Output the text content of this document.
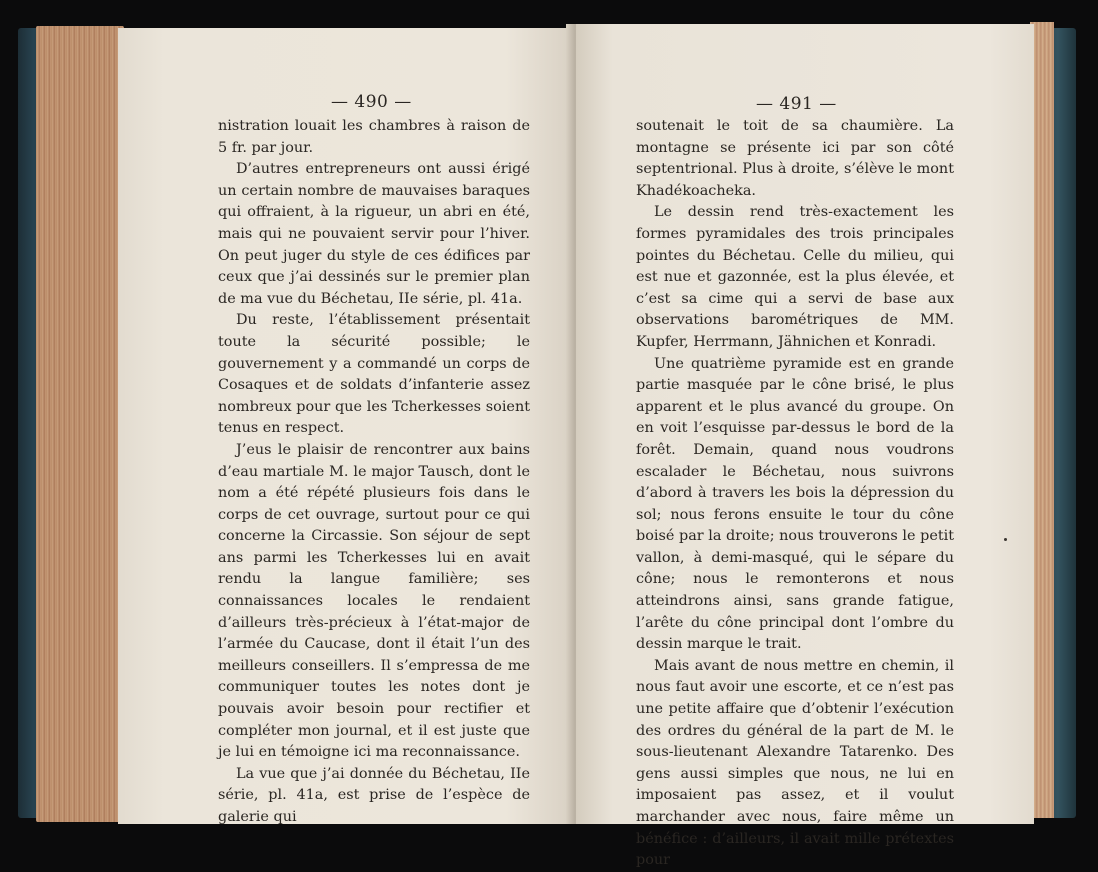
— 490 —

nistration louait les chambres à raison de 5 fr. par jour.

D’autres entrepreneurs ont aussi érigé un certain nombre de mauvaises baraques qui offraient, à la rigueur, un abri en été, mais qui ne pouvaient servir pour l’hiver. On peut juger du style de ces édifices par ceux que j’ai dessinés sur le premier plan de ma vue du Béchetau, IIe série, pl. 41a.

Du reste, l’établissement présentait toute la sécurité possible; le gouvernement y a commandé un corps de Cosaques et de soldats d’infanterie assez nombreux pour que les Tcherkesses soient tenus en respect.

J’eus le plaisir de rencontrer aux bains d’eau martiale M. le major Tausch, dont le nom a été répété plusieurs fois dans le corps de cet ouvrage, surtout pour ce qui concerne la Circassie. Son séjour de sept ans parmi les Tcherkesses lui en avait rendu la langue familière; ses connaissances locales le rendaient d’ailleurs très-précieux à l’état-major de l’armée du Caucase, dont il était l’un des meilleurs conseillers. Il s’empressa de me communiquer toutes les notes dont je pouvais avoir besoin pour rectifier et compléter mon journal, et il est juste que je lui en témoigne ici ma reconnaissance.

La vue que j’ai donnée du Béchetau, IIe série, pl. 41a, est prise de l’espèce de galerie qui

— 491 —

soutenait le toit de sa chaumière. La montagne se présente ici par son côté septentrional. Plus à droite, s’élève le mont Khadékoacheka.

Le dessin rend très-exactement les formes pyramidales des trois principales pointes du Béchetau. Celle du milieu, qui est nue et gazonnée, est la plus élevée, et c’est sa cime qui a servi de base aux observations barométriques de MM. Kupfer, Herrmann, Jähnichen et Konradi.

Une quatrième pyramide est en grande partie masquée par le cône brisé, le plus apparent et le plus avancé du groupe. On en voit l’esquisse par-dessus le bord de la forêt. Demain, quand nous voudrons escalader le Béchetau, nous suivrons d’abord à travers les bois la dépression du sol; nous ferons ensuite le tour du cône boisé par la droite; nous trouverons le petit vallon, à demi-masqué, qui le sépare du cône; nous le remonterons et nous atteindrons ainsi, sans grande fatigue, l’arête du cône principal dont l’ombre du dessin marque le trait.

Mais avant de nous mettre en chemin, il nous faut avoir une escorte, et ce n’est pas une petite affaire que d’obtenir l’exécution des ordres du général de la part de M. le sous-lieutenant Alexandre Tatarenko. Des gens aussi simples que nous, ne lui en imposaient pas assez, et il voulut marchander avec nous, faire même un bénéfice : d’ailleurs, il avait mille prétextes pour
